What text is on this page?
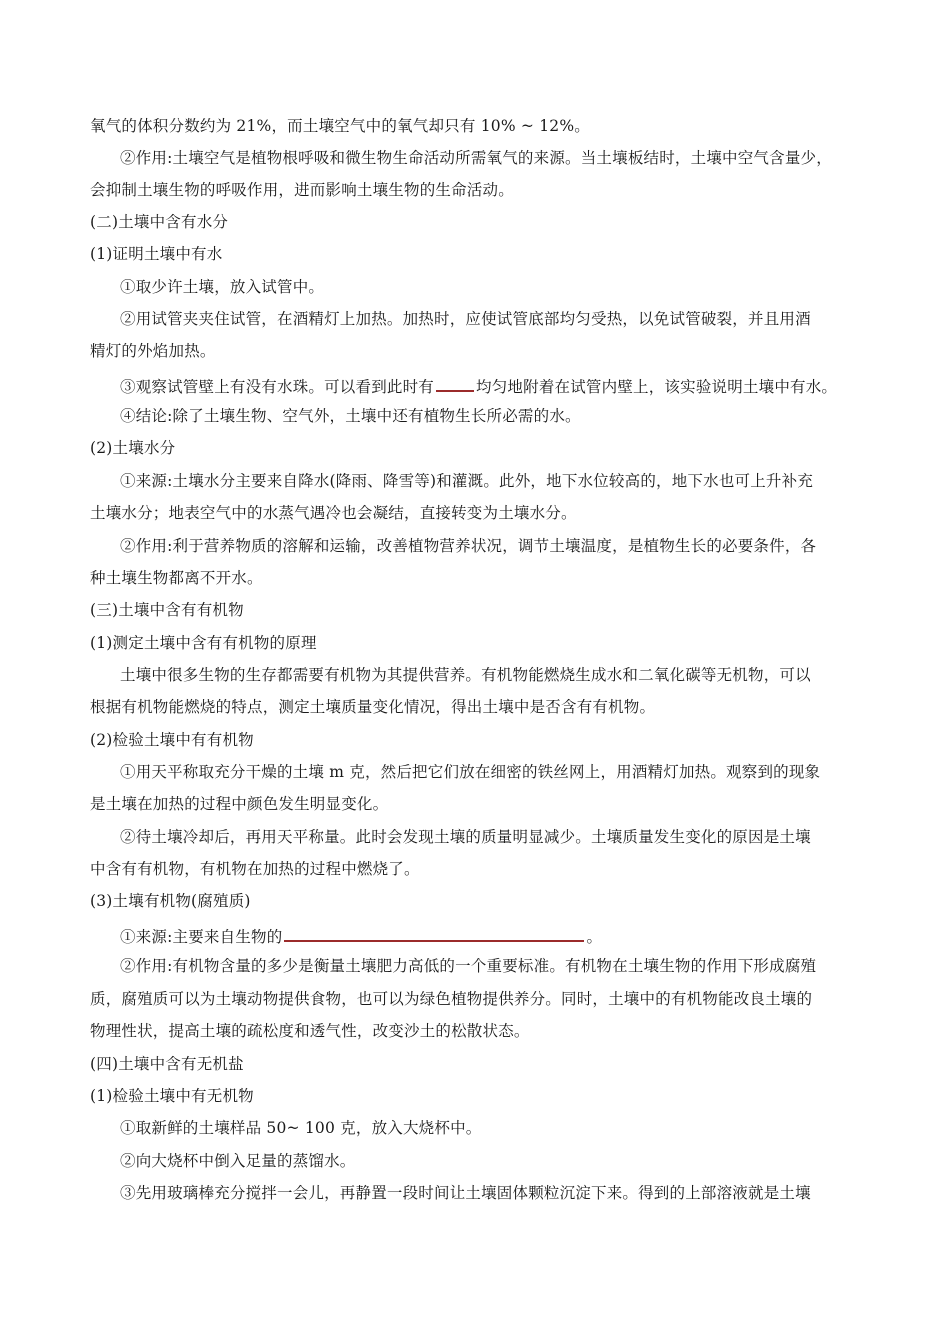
氧气的体积分数约为 21%，而土壤空气中的氧气却只有 10% ~ 12%。
②作用:土壤空气是植物根呼吸和微生物生命活动所需氧气的来源。当土壤板结时，土壤中空气含量少，
会抑制土壤生物的呼吸作用，进而影响土壤生物的生命活动。
(二)土壤中含有水分
(1)证明土壤中有水
①取少许土壤，放入试管中。
②用试管夹夹住试管，在酒精灯上加热。加热时，应使试管底部均匀受热，以免试管破裂，并且用酒
精灯的外焰加热。
③观察试管壁上有没有水珠。可以看到此时有	均匀地附着在试管内壁上，该实验说明土壤中有水。
④结论:除了土壤生物、空气外，土壤中还有植物生长所必需的水。
(2)土壤水分
①来源:土壤水分主要来自降水(降雨、降雪等)和灌溉。此外，地下水位较高的，地下水也可上升补充
土壤水分；地表空气中的水蒸气遇冷也会凝结，直接转变为土壤水分。
②作用:利于营养物质的溶解和运输，改善植物营养状况，调节土壤温度，是植物生长的必要条件，各
种土壤生物都离不开水。
(三)土壤中含有有机物
(1)测定土壤中含有有机物的原理
土壤中很多生物的生存都需要有机物为其提供营养。有机物能燃烧生成水和二氧化碳等无机物，可以
根据有机物能燃烧的特点，测定土壤质量变化情况，得出土壤中是否含有有机物。
(2)检验土壤中有有机物
①用天平称取充分干燥的土壤 m 克，然后把它们放在细密的铁丝网上，用酒精灯加热。观察到的现象
是土壤在加热的过程中颜色发生明显变化。
②待土壤冷却后，再用天平称量。此时会发现土壤的质量明显减少。土壤质量发生变化的原因是土壤
中含有有机物，有机物在加热的过程中燃烧了。
(3)土壤有机物(腐殖质)
①来源:主要来自生物的	。
②作用:有机物含量的多少是衡量土壤肥力高低的一个重要标准。有机物在土壤生物的作用下形成腐殖
质，腐殖质可以为土壤动物提供食物，也可以为绿色植物提供养分。同时，土壤中的有机物能改良土壤的
物理性状，提高土壤的疏松度和透气性，改变沙土的松散状态。
(四)土壤中含有无机盐
(1)检验土壤中有无机物
①取新鲜的土壤样品 50~ 100 克，放入大烧杯中。
②向大烧杯中倒入足量的蒸馏水。
③先用玻璃棒充分搅拌一会儿，再静置一段时间让土壤固体颗粒沉淀下来。得到的上部溶液就是土壤
